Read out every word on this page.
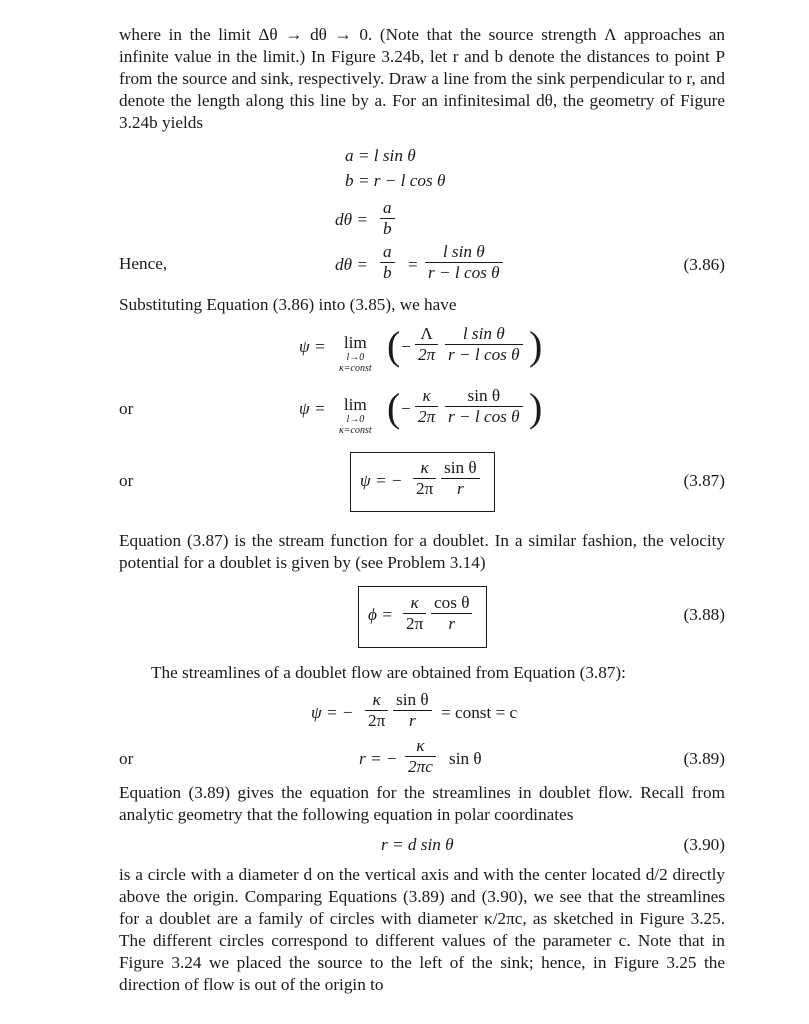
where in the limit Δθ → dθ → 0. (Note that the source strength Λ approaches an infinite value in the limit.) In Figure 3.24b, let r and b denote the distances to point P from the source and sink, respectively. Draw a line from the sink perpendicular to r, and denote the length along this line by a. For an infinitesimal dθ, the geometry of Figure 3.24b yields

a = l sin θ
b = r − l cos θ
$d\theta = \frac{a}{b}$
Hence,	$d\theta = \frac{a}{b} = \frac{\text{l sin θ}}{\text{r − l cos θ}}$	(3.86)

Substituting Equation (3.86) into (3.85), we have

ψ = lim
l→0
κ=const
( − $\frac{\Lambda}{2\pi} \frac{\text{l sin θ}}{\text{r − l cos θ}}$ )
or	ψ = lim
l→0
κ=const
( − $\frac{\kappa}{2\pi} \frac{\text{sin θ}}{\text{r − l cos θ}}$ )
or	ψ = − $\frac{\kappa}{2\pi} \frac{\text{sin θ}}{r}$	(3.87)

Equation (3.87) is the stream function for a doublet. In a similar fashion, the velocity potential for a doublet is given by (see Problem 3.14)

$\phi = \frac{\kappa}{2\pi} \frac{\text{cos θ}}{r}$	(3.88)

The streamlines of a doublet flow are obtained from Equation (3.87):

ψ = − $\frac{\kappa}{2\pi} \frac{\text{sin θ}}{r}$ = const = c
or	r = − $\frac{\kappa}{2\pi c}$ sin θ	(3.89)

Equation (3.89) gives the equation for the streamlines in doublet flow. Recall from analytic geometry that the following equation in polar coordinates

r = d sin θ	(3.90)

is a circle with a diameter d on the vertical axis and with the center located d/2 directly above the origin. Comparing Equations (3.89) and (3.90), we see that the streamlines for a doublet are a family of circles with diameter κ/2πc, as sketched in Figure 3.25. The different circles correspond to different values of the parameter c. Note that in Figure 3.24 we placed the source to the left of the sink; hence, in Figure 3.25 the direction of flow is out of the origin to
